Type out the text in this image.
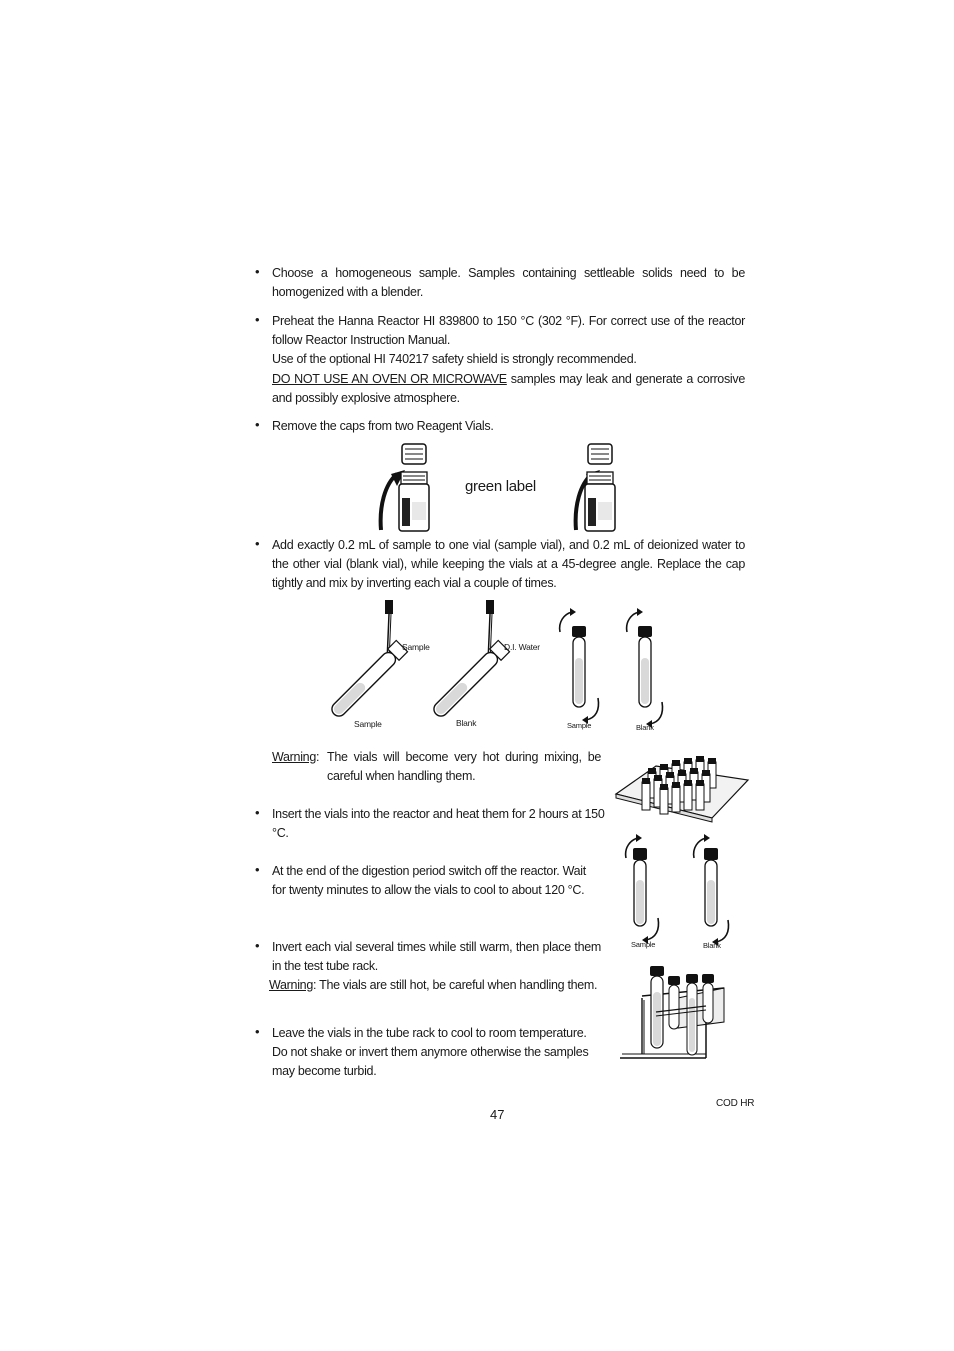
• Choose a homogeneous sample. Samples containing settleable solids need to be homogenized with a blender.
• Preheat the Hanna Reactor HI 839800 to 150 °C (302 °F). For correct use of the reactor follow Reactor Instruction Manual.
Use of the optional HI 740217 safety shield is strongly recommended.
DO NOT USE AN OVEN OR MICROWAVE samples may leak and generate a corrosive and possibly explosive atmosphere.
• Remove the caps from two Reagent Vials.
green label
• Add exactly 0.2 mL of sample to one vial (sample vial), and 0.2 mL of deionized water to the other vial (blank vial), while keeping the vials at a 45-degree angle. Replace the cap tightly and mix by inverting each vial a couple of times.
Sample
Sample
D.I. Water
Blank	Sample	Blank
Warning: The vials will become very hot during mixing, be careful when handling them.
• Insert the vials into the reactor and heat them for 2 hours at 150 °C.
Sample	Blank
• At the end of the digestion period switch off the reactor. Wait for twenty minutes to allow the vials to cool to about 120 °C.
• Invert each vial several times while still warm, then place them in the test tube rack.
Warning: The vials are still hot, be careful when handling them.
• Leave the vials in the tube rack to cool to room temperature. Do not shake or invert them anymore otherwise the samples may become turbid.
COD HR
47
